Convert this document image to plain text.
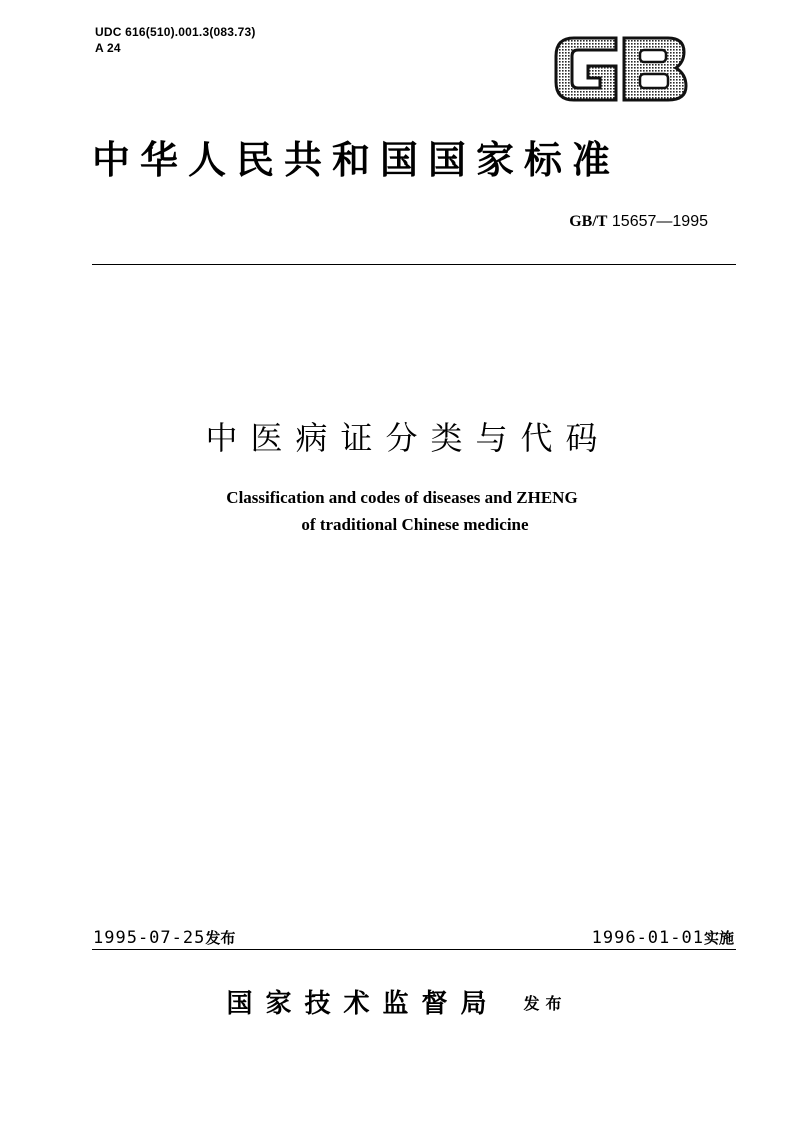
UDC 616(510).001.3(083.73)
A 24
中华人民共和国国家标准
GB/T 15657—1995
中医病证分类与代码
Classification and codes of diseases and ZHENG
of traditional Chinese medicine
1995-07-25发布	1996-01-01实施
国家技术监督局 发布
